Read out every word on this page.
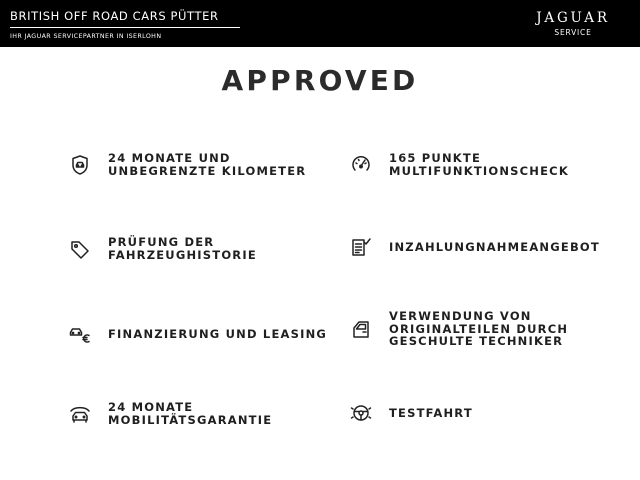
BRITISH OFF ROAD CARS PÜTTER
IHR JAGUAR SERVICEPARTNER IN ISERLOHN
JAGUAR
SERVICE
APPROVED
24 MONATE UND
UNBEGRENZTE KILOMETER
165 PUNKTE
MULTIFUNKTIONSCHECK
PRÜFUNG DER
FAHRZEUGHISTORIE
INZAHLUNGNAHMEANGEBOT
FINANZIERUNG UND LEASING
VERWENDUNG VON
ORIGINALTEILEN DURCH
GESCHULTE TECHNIKER
24 MONATE
MOBILITÄTSGARANTIE	TESTFAHRT
